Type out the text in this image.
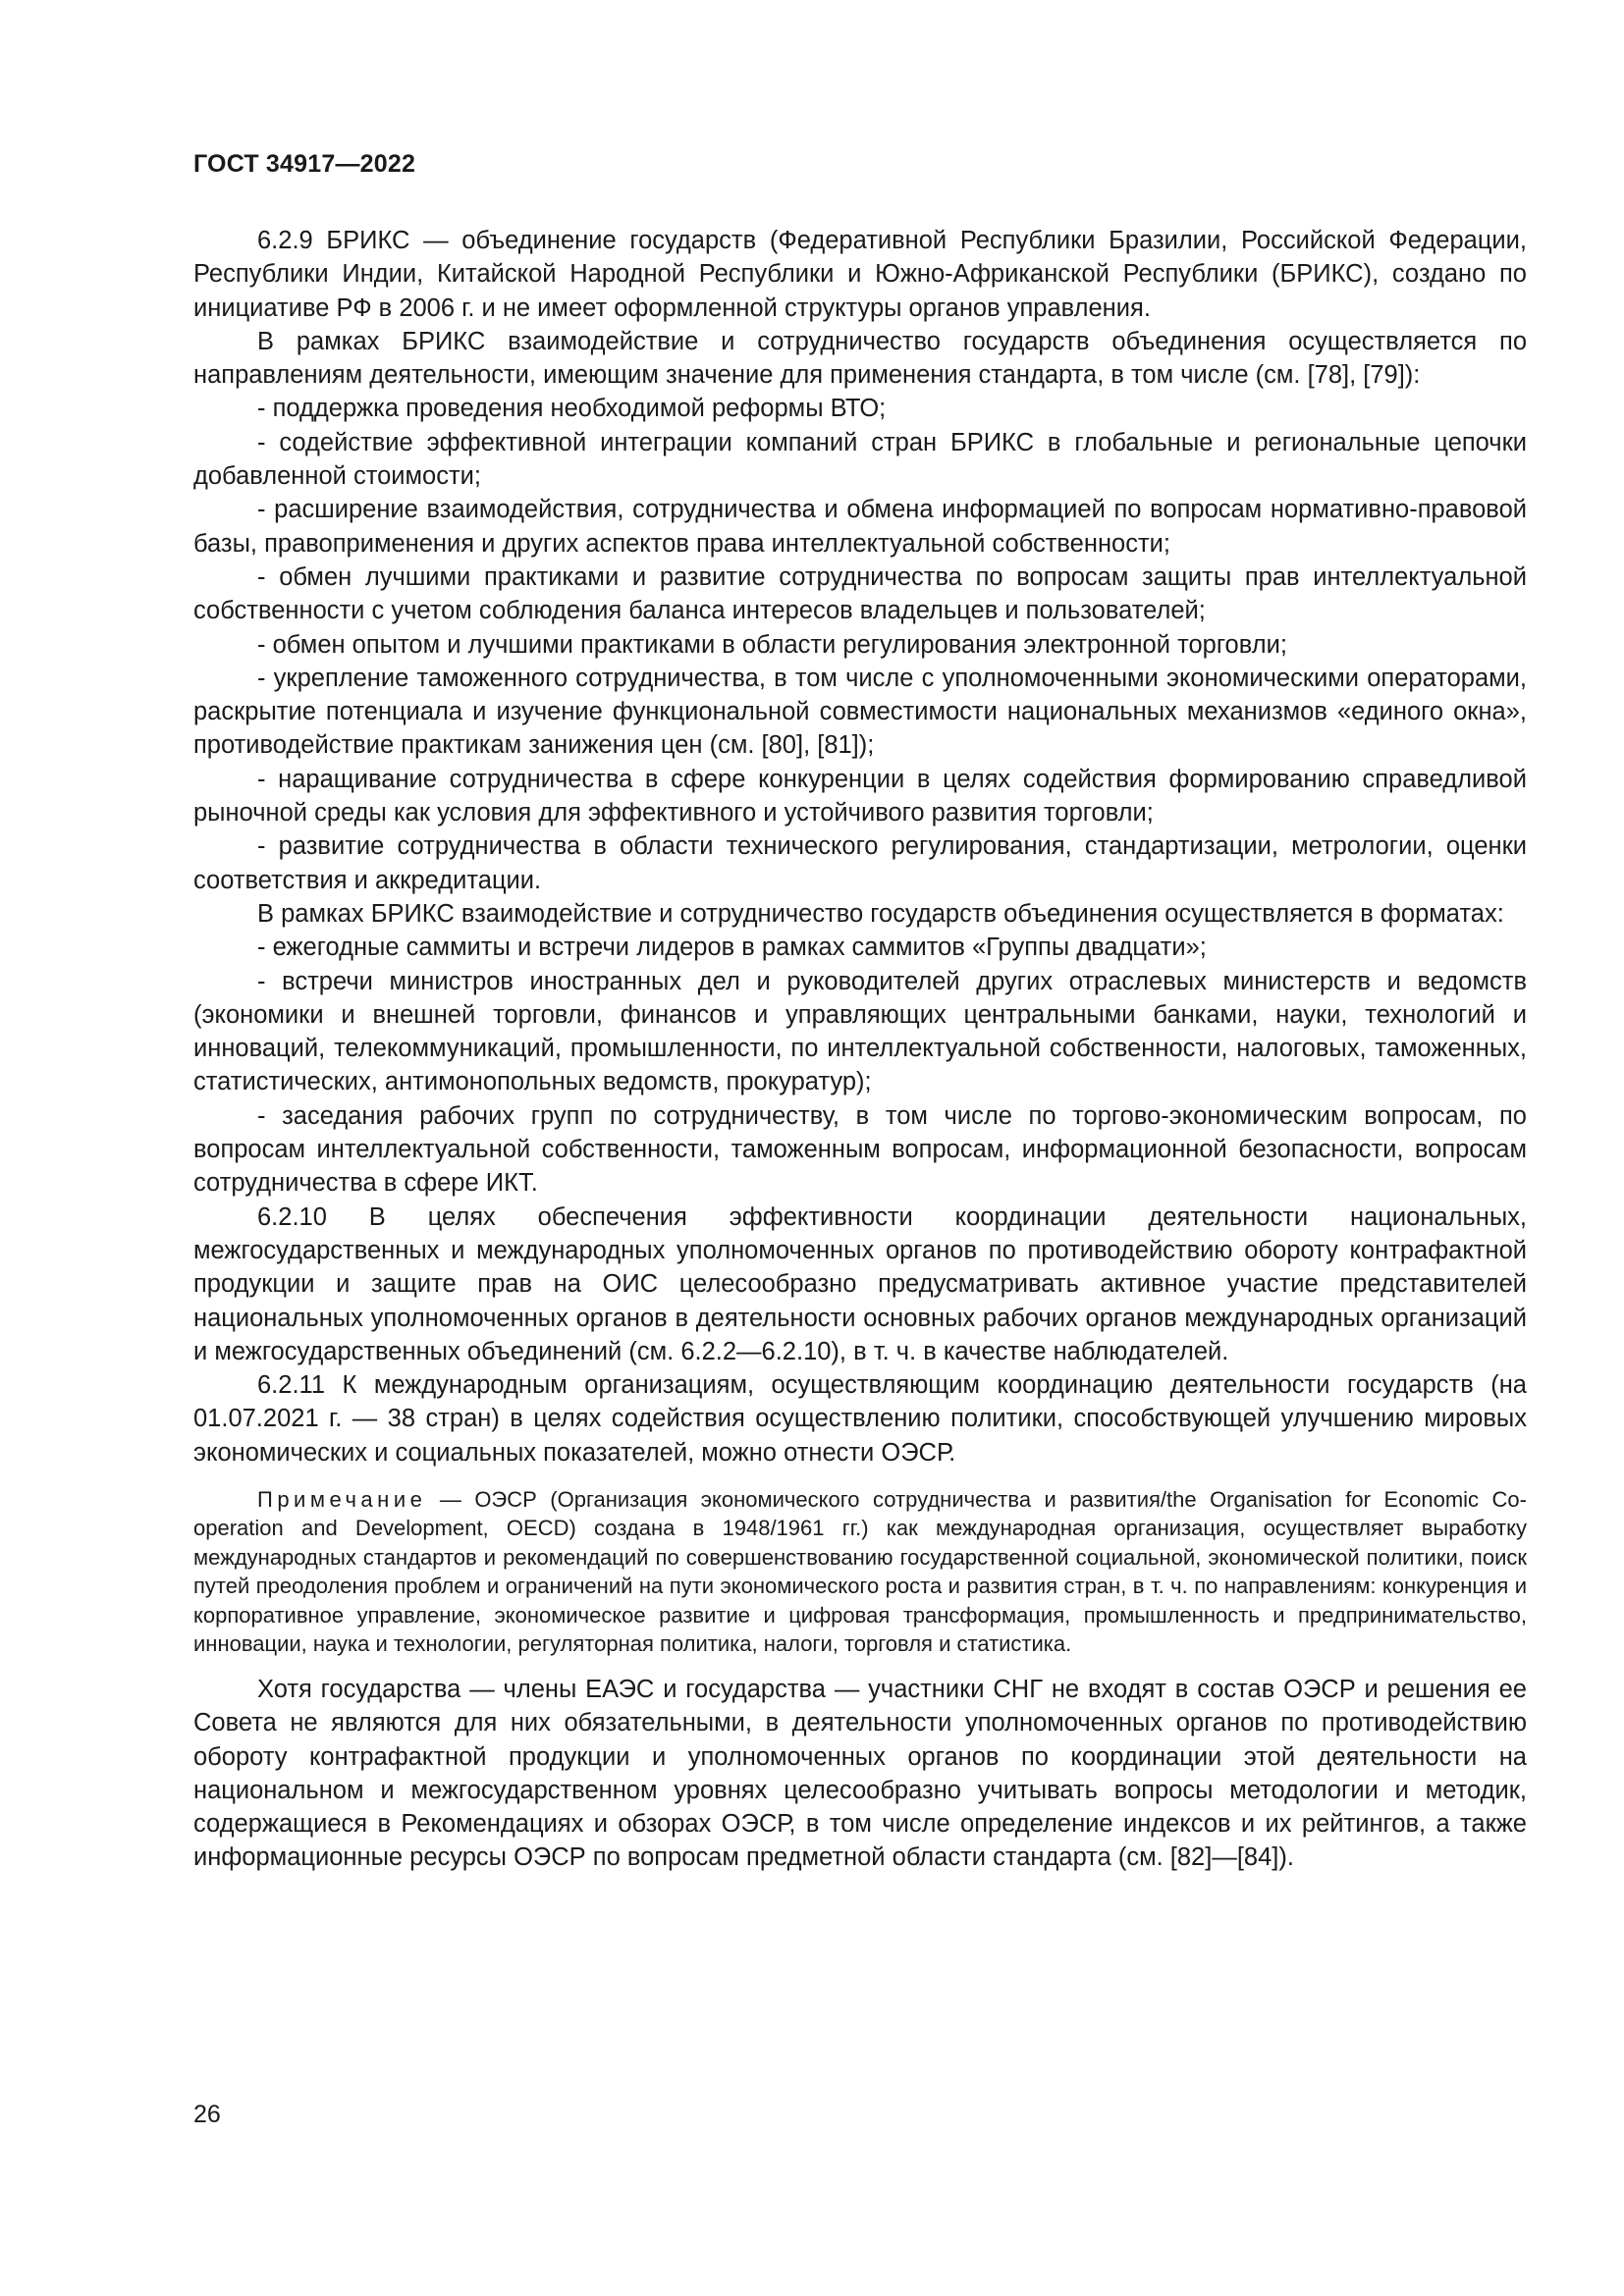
ГОСТ 34917—2022

6.2.9 БРИКС — объединение государств (Федеративной Республики Бразилии, Российской Федерации, Республики Индии, Китайской Народной Республики и Южно-Африканской Республики (БРИКС), создано по инициативе РФ в 2006 г. и не имеет оформленной структуры органов управления.

В рамках БРИКС взаимодействие и сотрудничество государств объединения осуществляется по направлениям деятельности, имеющим значение для применения стандарта, в том числе (см. [78], [79]):

- поддержка проведения необходимой реформы ВТО;

- содействие эффективной интеграции компаний стран БРИКС в глобальные и региональные цепочки добавленной стоимости;

- расширение взаимодействия, сотрудничества и обмена информацией по вопросам нормативно-правовой базы, правоприменения и других аспектов права интеллектуальной собственности;

- обмен лучшими практиками и развитие сотрудничества по вопросам защиты прав интеллектуальной собственности с учетом соблюдения баланса интересов владельцев и пользователей;

- обмен опытом и лучшими практиками в области регулирования электронной торговли;

- укрепление таможенного сотрудничества, в том числе с уполномоченными экономическими операторами, раскрытие потенциала и изучение функциональной совместимости национальных механизмов «единого окна», противодействие практикам занижения цен (см. [80], [81]);

- наращивание сотрудничества в сфере конкуренции в целях содействия формированию справедливой рыночной среды как условия для эффективного и устойчивого развития торговли;

- развитие сотрудничества в области технического регулирования, стандартизации, метрологии, оценки соответствия и аккредитации.

В рамках БРИКС взаимодействие и сотрудничество государств объединения осуществляется в форматах:

- ежегодные саммиты и встречи лидеров в рамках саммитов «Группы двадцати»;

- встречи министров иностранных дел и руководителей других отраслевых министерств и ведомств (экономики и внешней торговли, финансов и управляющих центральными банками, науки, технологий и инноваций, телекоммуникаций, промышленности, по интеллектуальной собственности, налоговых, таможенных, статистических, антимонопольных ведомств, прокуратур);

- заседания рабочих групп по сотрудничеству, в том числе по торгово-экономическим вопросам, по вопросам интеллектуальной собственности, таможенным вопросам, информационной безопасности, вопросам сотрудничества в сфере ИКТ.

6.2.10 В целях обеспечения эффективности координации деятельности национальных, межгосударственных и международных уполномоченных органов по противодействию обороту контрафактной продукции и защите прав на ОИС целесообразно предусматривать активное участие представителей национальных уполномоченных органов в деятельности основных рабочих органов международных организаций и межгосударственных объединений (см. 6.2.2—6.2.10), в т. ч. в качестве наблюдателей.

6.2.11 К международным организациям, осуществляющим координацию деятельности государств (на 01.07.2021 г. — 38 стран) в целях содействия осуществлению политики, способствующей улучшению мировых экономических и социальных показателей, можно отнести ОЭСР.

Примечание — ОЭСР (Организация экономического сотрудничества и развития/the Organisation for Economic Co-operation and Development, OECD) создана в 1948/1961 гг.) как международная организация, осуществляет выработку международных стандартов и рекомендаций по совершенствованию государственной социальной, экономической политики, поиск путей преодоления проблем и ограничений на пути экономического роста и развития стран, в т. ч. по направлениям: конкуренция и корпоративное управление, экономическое развитие и цифровая трансформация, промышленность и предпринимательство, инновации, наука и технологии, регуляторная политика, налоги, торговля и статистика.

Хотя государства — члены ЕАЭС и государства — участники СНГ не входят в состав ОЭСР и решения ее Совета не являются для них обязательными, в деятельности уполномоченных органов по противодействию обороту контрафактной продукции и уполномоченных органов по координации этой деятельности на национальном и межгосударственном уровнях целесообразно учитывать вопросы методологии и методик, содержащиеся в Рекомендациях и обзорах ОЭСР, в том числе определение индексов и их рейтингов, а также информационные ресурсы ОЭСР по вопросам предметной области стандарта (см. [82]—[84]).

26
